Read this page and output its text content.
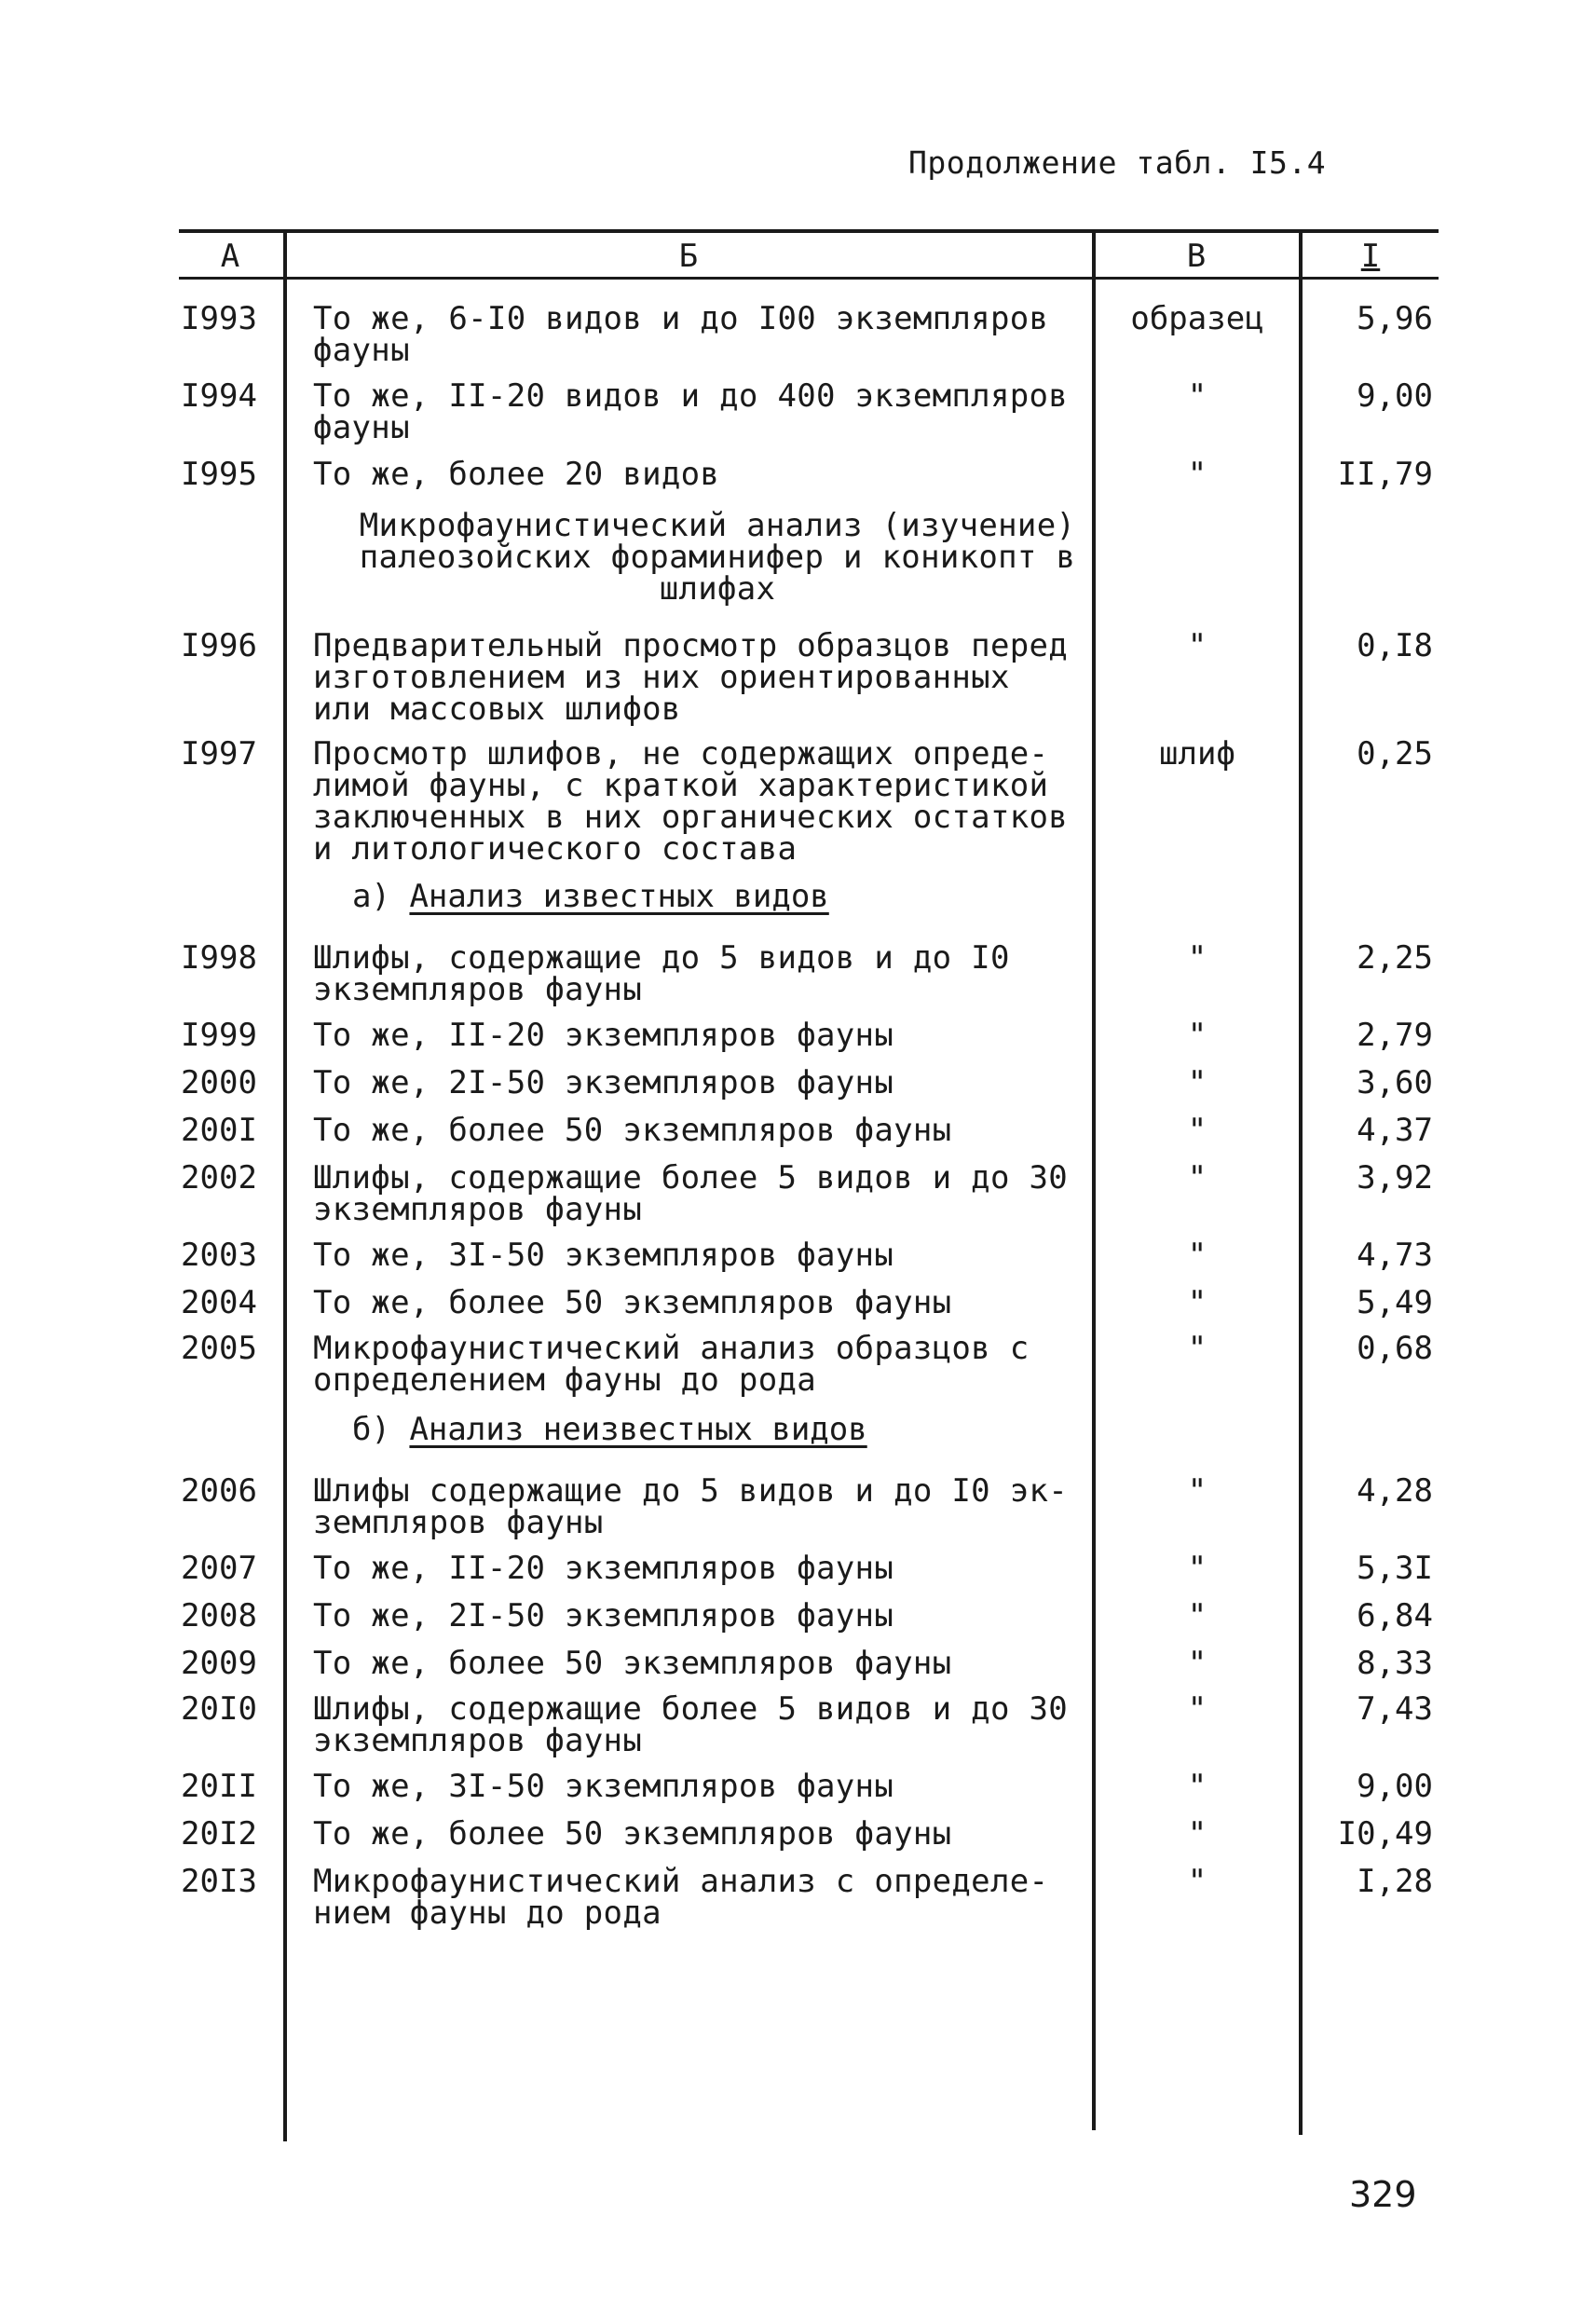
Продолжение табл. I5.4
А	Б	В	I
I993	То же, 6-I0 видов и до I00 экземпляров
фауны
образец	5,96
I994	То же, II-20 видов и до 400 экземпляров
фауны
"	9,00
I995	То же, более 20 видов	"	II,79
Микрофаунистический анализ (изучение)
палеозойских фораминифер и коникопт в
шлифах
I996	Предварительный просмотр образцов перед
изготовлением из них ориентированных
или массовых шлифов
"	0,I8
I997	Просмотр шлифов, не содержащих опреде-
лимой фауны, с краткой характеристикой
заключенных в них органических остатков
и литологического состава
шлиф	0,25
а) Анализ известных видов
I998	Шлифы, содержащие до 5 видов и до I0
экземпляров фауны
"	2,25
I999	То же, II-20 экземпляров фауны	"	2,79
2000	То же, 2I-50 экземпляров фауны	"	3,60
200I	То же, более 50 экземпляров фауны	"	4,37
2002	Шлифы, содержащие более 5 видов и до 30
экземпляров фауны
"	3,92
2003	То же, 3I-50 экземпляров фауны	"	4,73
2004	То же, более 50 экземпляров фауны	"	5,49
2005	Микрофаунистический анализ образцов с
определением фауны до рода
"	0,68
б) Анализ неизвестных видов
2006	Шлифы содержащие до 5 видов и до I0 эк-
земпляров фауны
"	4,28
2007	То же, II-20 экземпляров фауны	"	5,3I
2008	То же, 2I-50 экземпляров фауны	"	6,84
2009	То же, более 50 экземпляров фауны	"	8,33
20I0	Шлифы, содержащие более 5 видов и до 30
экземпляров фауны
"	7,43
20II	То же, 3I-50 экземпляров фауны	"	9,00
20I2	То же, более 50 экземпляров фауны	"	I0,49
20I3	Микрофаунистический анализ с определе-
нием фауны до рода
"	I,28
329
